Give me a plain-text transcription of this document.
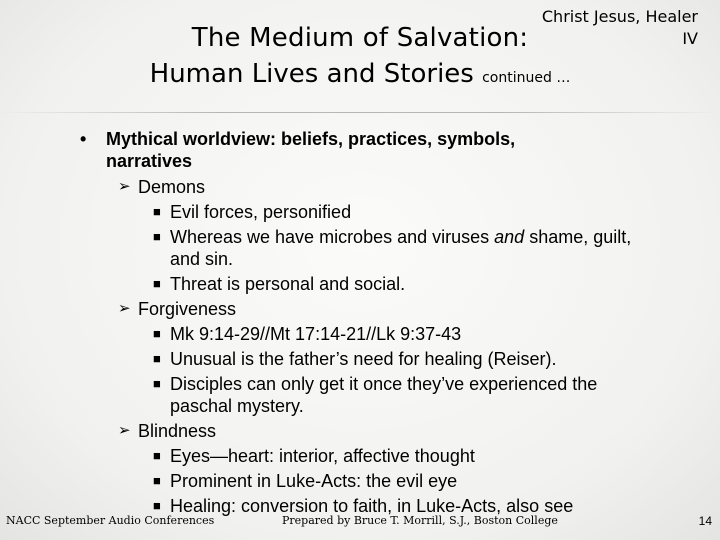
Christ Jesus, Healer
IV
The Medium of Salvation:
Human Lives and Stories continued …
• Mythical worldview: beliefs, practices, symbols, narratives
➢ Demons
■ Evil forces, personified
■ Whereas we have microbes and viruses and shame, guilt, and sin.
■ Threat is personal and social.
➢ Forgiveness
■ Mk 9:14-29//Mt 17:14-21//Lk 9:37-43
■ Unusual is the father’s need for healing (Reiser).
■ Disciples can only get it once they’ve experienced the paschal mystery.
➢ Blindness
■ Eyes—heart: interior, affective thought
■ Prominent in Luke-Acts: the evil eye
■ Healing: conversion to faith, in Luke-Acts, also see
NACC September Audio Conferences	Prepared by Bruce T. Morrill, S.J., Boston College	14
